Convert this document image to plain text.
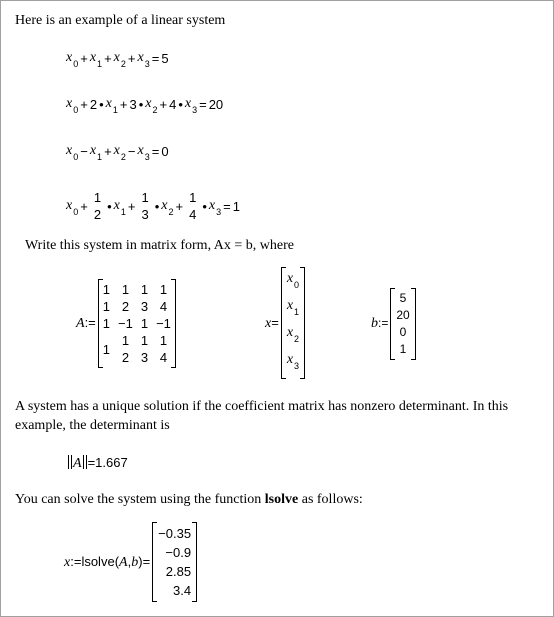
Here is an example of a linear system
x 0 + x 1 + x 2 + x 3 = 5
x 0 + 2 • x 1 + 3 • x 2 + 4 • x 3 = 20
x 0 − x 1 + x 2 − x 3 = 0
x 0 +
1
2
• x 1 +
1
3
• x 2 +
1
4
• x 3 = 1
Write this system in matrix form, Ax = b, where
A:=
1 1 1 1
1 2 3 4
1 −1 1 −1
1
1 1 1
2 3 4
x=
x0
x1
x2
x3
b:=
5
20
0
1
A system has a unique solution if the coefficient matrix has nonzero determinant. In this example, the determinant is
A =1.667
You can solve the system using the function lsolve as follows:
x:=lsolve(A,b)=
−0.35
−0.9
2.85
3.4
